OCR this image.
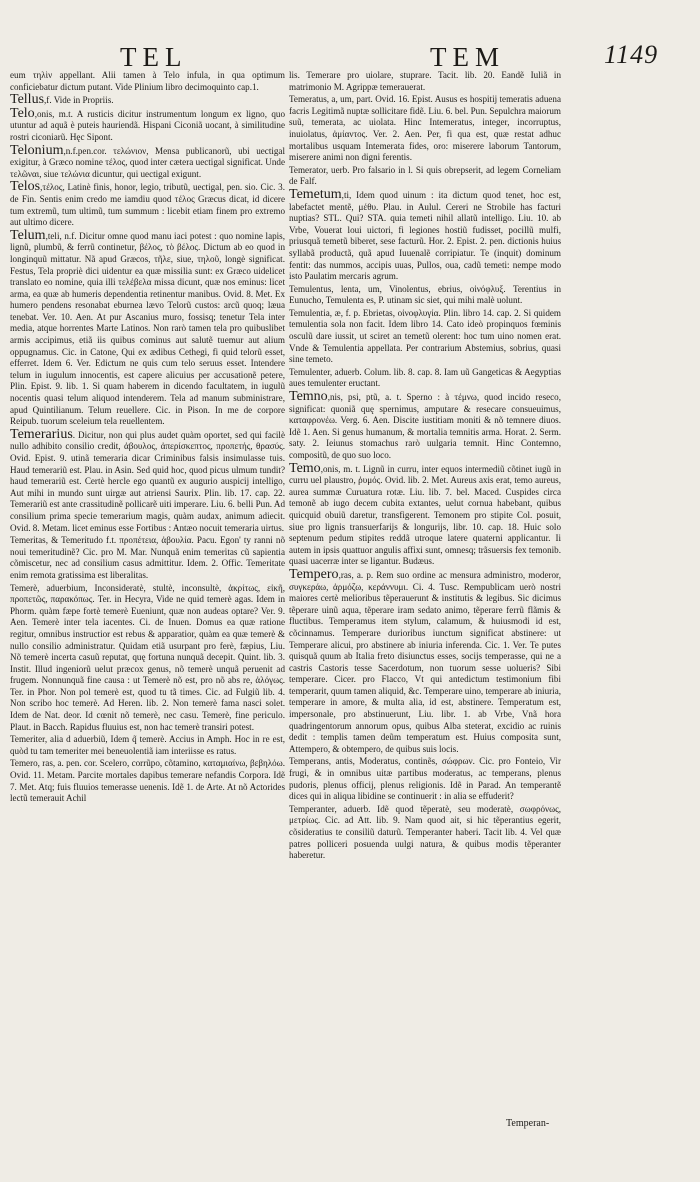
TEL	TEM	1149

eum τηλὶν appellant. Alii tamen à Telo infula, in qua optimum conficiebatur dictum putant. Vide Plinium libro decimoquinto cap.1.

Tellus,f. Vide in Propriis.

Telo,onis, m.t. A rusticis dicitur instrumentum longum ex ligno, quo utuntur ad aquã è puteis hauriendã. Hispani Ciconiã uocant, à similitudine rostri ciconiarũ. Hęc Sipont.

Telonium,n.f.pen.cor. τελώνιον, Mensa publicanorũ, ubi uectigal exigitur, à Græco nomine τέλος, quod inter cætera uectigal significat. Unde τελῶναι, siue τελώνια dicuntur, qui uectigal exigunt.

Telos,τέλος, Latinè finis, honor, legio, tributũ, uectigal, pen. sio. Cic. 3. de Fin. Sentis enim credo me iamdiu quod τέλος Græcus dicat, id dicere tum extremũ, tum ultimũ, tum summum : licebit etiam finem pro extremo aut ultimo dicere.

Telum,teli, n.f. Dicitur omne quod manu iaci potest : quo nomine lapis, lignũ, plumbũ, & ferrũ continetur, βέλος, τὸ βέλος. Dictum ab eo quod in longinquũ mittatur. Nã apud Græcos, τῆλε, siue, τηλοῦ, longè significat. Festus, Tela propriè dici uidentur ea quæ missilia sunt: ex Græco uidelicet translato eo nomine, quia illi τελέβελα missa dicunt, quæ nos eminus: licet arma, ea quæ ab humeris dependentia retinentur manibus. Ovid. 8. Met. Ex humero pendens resonabat eburnea lævo Telorũ custos: arcũ quoq; læua tenebat. Ver. 10. Aen. At pur Ascanius muro, fossisq; tenetur Tela inter media, atque horrentes Marte Latinos. Non rarò tamen tela pro quibuslibet armis accipimus, etiã iis quibus cominus aut salutẽ tuemur aut alium oppugnamus. Cic. in Catone, Qui ex ædibus Cethegi, fi quid telorũ esset, efferret. Idem 6. Ver. Edictum ne quis cum telo seruus esset. Intendere telum in iugulum innocentis, est capere alicuius per accusationẽ petere, Plin. Epist. 9. lib. 1. Si quam haberem in dicendo facultatem, in iugulũ nocentis quasi telum aliquod intenderem. Tela ad manum subministrare, apud Quintilianum. Telum reuellere. Cic. in Pison. In me de corpore Reipub. tuorum sceleium tela reuellentem.

Temerarius. Dicitur, non qui plus audet quàm oportet, sed qui facilè nullo adhibito consilio credit, ἀβουλος, ἀπερίσκεπτος, προπετής, θρασύς. Ovid. Epist. 9. utinã temeraria dicar Criminibus falsis insimulasse tuis. Haud temerariũ est. Plau. in Asin. Sed quid hoc, quod picus ulmum tundit? haud temerariũ est. Certè hercle ego quantũ ex augurio auspicij intelligo, Aut mihi in mundo sunt uirgæ aut atriensi Saurix. Plin. lib. 17. cap. 22. Temerariũ est ante crassitudinẽ pollicarẽ uiti imperare. Liu. 6. belli Pun. Ad consilium prima specie temerarium magis, quàm audax, animum adiecit. Ovid. 8. Metam. licet eminus esse Fortibus : Antæo nocuit temeraria uirtus.

Temeritas, & Temeritudo f.t. προπέτεια, ἀβουλία. Pacu. Egon' ty ranni nõ noui temeritudinẽ? Cic. pro M. Mar. Nunquã enim temeritas cũ sapientia cõmiscetur, nec ad consilium casus admittitur. Idem. 2. Offic. Temeritate enim remota gratissima est liberalitas.

Temerè, aduerbium, Inconsideratè, stultè, inconsultè, ἀκρίτως, εἰκῆ, προπετῶς, παρακόπως. Ter. in Hecyra, Vide ne quid temerè agas. Idem in Phorm. quàm fæpe fortè temerè Eueniunt, quæ non audeas optare? Ver. 9. Aen. Temerè inter tela iacentes. Ci. de Inuen. Domus ea quæ ratione regitur, omnibus instructior est rebus & apparatior, quàm ea quæ temerè & nullo consilio administratur. Quidam etiã usurpant pro ferè, fæpius, Liu. Nõ temerè incerta casuũ reputat, quę fortuna nunquã decepit. Quint. lib. 3. Instit. Illud ingeniorũ uelut præcox genus, nõ temerè unquã peruenit ad frugem. Nonnunquã fine causa : ut Temerè nõ est, pro nõ abs re, ἀλόγως. Ter. in Phor. Non pol temerè est, quod tu tã times. Cic. ad Fulgiũ lib. 4. Non scribo hoc temerè. Ad Heren. lib. 2. Non temerè fama nasci solet. Idem de Nat. deor. Id cœnit nõ temerè, nec casu. Temerè, fine periculo. Plaut. in Bacch. Rapidus fluuius est, non hac temerè transiri potest.

Temeriter, alia d aduerbiũ, Idem q̃ temerè. Accius in Amph. Hoc in re est, quòd tu tam temeriter mei beneuolentiã iam interiisse es ratus.

Temero, ras, a. pen. cor. Scelero, corrũpo, cõtamino, καταμιαίνω, βεβηλόω. Ovid. 11. Metam. Parcite mortales dapibus temerare nefandis Corpora. Idẽ 7. Met. Atq; fuis fluuios temerasse uenenis. Idẽ 1. de Arte. At nõ Actorides lectũ temerauit Achil

lis. Temerare pro uiolare, stuprare. Tacit. lib. 20. Eandẽ Iuliã in matrimonio M. Agrippæ temerauerat.

Temeratus, a, um, part. Ovid. 16. Epist. Ausus es hospitij temeratis aduena facris Legitimã nuptæ sollicitare fidẽ. Liu. 6. bel. Pun. Sepulchra maiorum suũ, temerata, ac uiolata. Hinc Intemeratus, integer, incorruptus, inuiolatus, ἀμίαντος. Ver. 2. Aen. Per, fi qua est, quæ restat adhuc mortalibus usquam Intemerata fides, oro: miserere laborum Tantorum, miserere animi non digni ferentis.

Temerator, uerb. Pro falsario in l. Si quis obrepserit, ad legem Corneliam de Falf.

Temetum,ti, Idem quod uinum : ita dictum quod tenet, hoc est, labefactet mentẽ, μέθυ. Plau. in Aulul. Cereri ne Strobile has facturi nuptias? STL. Qui? STA. quia temeti nihil allatũ intelligo. Liu. 10. ab Vrbe, Vouerat loui uictori, fi legiones hostiũ fudisset, pocillũ mulfi, priusquã temetũ biberet, sese facturũ. Hor. 2. Epist. 2. pen. dictionis huius syllabã productã, quã apud Iuuenalẽ corripiatur. Te (inquit) dominum fentit: das nummos, accipis uuas, Pullos, oua, cadũ temeti: nempe modo isto Paulatim mercaris agrum.

Temulentus, lenta, um, Vinolentus, ebrius, οἰνόφλυξ. Terentius in Eunucho, Temulenta es, P. utinam sic siet, qui mihi malè uolunt.

Temulentia, æ, f. p. Ebrietas, οἰνοφλυγία. Plin. libro 14. cap. 2. Si quidem temulentia sola non facit. Idem libro 14. Cato ideò propinquos fœminis osculũ dare iussit, ut sciret an temetũ olerent: hoc tum uino nomen erat. Vnde & Temulentia appellata. Per contrarium Abstemius, sobrius, quasi sine temeto.

Temulenter, aduerb. Colum. lib. 8. cap. 8. Iam uũ Gangeticas & Aegyptias aues temulenter eructant.

Temno,nis, psi, ptũ, a. t. Sperno : à τέμνω, quod incido reseco, significat: quoniã quę spernimus, amputare & resecare consueuimus, καταφρονέω. Verg. 6. Aen. Discite iustitiam moniti & nõ temnere diuos. Idẽ 1. Aen. Si genus humanum, & mortalia temnitis arma. Horat. 2. Serm. saty. 2. Ieiunus stomachus rarò uulgaria temnit. Hinc Contemno, compositũ, de quo suo loco.

Temo,onis, m. t. Lignũ in curru, inter equos intermediũ cõtinet iugũ in curru uel plaustro, ῥυμός. Ovid. lib. 2. Met. Aureus axis erat, temo aureus, aurea summæ Curuatura rotæ. Liu. lib. 7. bel. Maced. Cuspides circa temonẽ ab iugo decem cubita extantes, uelut cornua habebant, quibus quicquid obuiũ daretur, transfigerent. Temonem pro stipite Col. posuit, siue pro lignis transuerfarijs & longurijs, libr. 10. cap. 18. Huic solo septenum pedum stipites reddã utroque latere quaterni applicantur. Ii autem in ipsis quattuor angulis affixi sunt, omnesq; trãsuersis fex temonib. quasi uacerræ inter se ligantur. Budæus.

Tempero,ras, a. p. Rem suo ordine ac mensura administro, moderor, συγκεράω, ἁρμόζω, κεράννυμι. Ci. 4. Tusc. Rempublicam uerò nostri maiores certè melioribus tẽperauerunt & institutis & legibus. Sic dicimus tẽperare uinũ aqua, tẽperare iram sedato animo, tẽperare ferrũ flãmis & fluctibus. Temperamus item stylum, calamum, & huiusmodi id est, cõcinnamus. Temperare durioribus iunctum significat abstinere: ut Temperare alicui, pro abstinere ab iniuria inferenda. Cic. 1. Ver. Te putes quisquã quum ab Italia freto disiunctus esses, socijs temperasse, qui ne a castris Castoris tesse Sacerdotum, non tuorum sesse uolueris? Sibi temperare. Cicer. pro Flacco, Vt qui antedictum testimonium fibi temperarit, quum tamen aliquid, &c. Temperare uino, temperare ab iniuria, temperare in amore, & multa alia, id est, abstinere. Temperatum est, impersonale, pro abstinuerunt, Liu. libr. 1. ab Vrbe, Vnã hora quadringentorum annorum opus, quibus Alba steterat, excidio ac ruinis dedit : templis tamen deũm temperatum est. Huius composita sunt, Attempero, & obtempero, de quibus suis locis.

Temperans, antis, Moderatus, continẽs, σώφρων. Cic. pro Fonteio, Vir frugi, & in omnibus uitæ partibus moderatus, ac temperans, plenus pudoris, plenus officij, plenus religionis. Idẽ in Parad. An temperantẽ dices qui in aliqua libidine se continuerit : in alia se effuderit?

Temperanter, aduerb. Idẽ quod tẽperatè, seu moderatè, σωφρόνως, μετρίως. Cic. ad Att. lib. 9. Nam quod ait, si hic tẽperantius egerit, cõsideratius te consiliũ daturũ. Temperanter haberi. Tacit lib. 4. Vel quæ patres polliceri posuenda uulgi natura, & quibus modis tẽperanter haberetur.

Temperan-
